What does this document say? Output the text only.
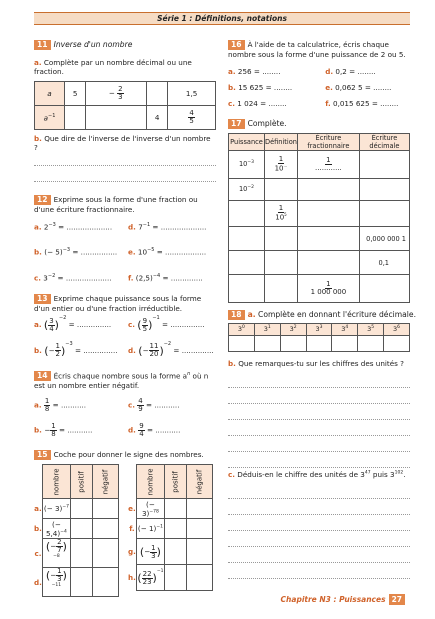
Série 1 : Définitions, notations
11 Inverse d'un nombre
a. Complète par un nombre décimal ou une fraction.
a	5	− $\frac{2}{3}$		1,5
$a^{-1}$			4	$\frac{4}{5}$
b. Que dire de l'inverse de l'inverse d'un nombre ?
12 Exprime sous la forme d'une fraction ou d'une écriture fractionnaire.
a. $2^{-3}$ = ....................	d. $7^{-1}$ = ....................
b. (− 5)$^{-3}$ = ................	e. $10^{-5}$ = ..................
c. $3^{-2}$ = ....................	f. $(2,5)^{-4}$ = ..............
13 Exprime chaque puissance sous la forme d'un entier ou d'une fraction irréductible.
a. ( $\frac{3}{4} )^{-2}$ = ...............	c. ( $\frac{9}{5} )^{-1}$ = ...............
b. (− $\frac{1}{2} )^{-3}$ = ...............	d. (− $\frac{11}{20} )^{-2}$ = ..............
14 Écris chaque nombre sous la forme $a^n$ où n est un nombre entier négatif.
a. $\frac{1}{8}$ = ...........	c. $\frac{4}{9}$ = ...........
b. − $\frac{1}{8}$ = ...........	d. $\frac{9}{4}$ = ...........
15 Coche pour donner le signe des nombres.
	nombre	positif	négatif
a.	(− 3)$^{-7}$		
b.	(− 5,4)$^{-4}$		
c.	(− $\frac{2}{7} )^{-8}$		
d.	(− $\frac{1}{3} )^{-11}$		
	nombre	positif	négatif
e.	(− 3)$^{-78}$		
f.	(− 1)$^{-1}$		
g.	(− $\frac{1}{3}$ )		
h.	( $\frac{22}{23} )^{-1}$		
16 À l'aide de ta calculatrice, écris chaque nombre sous la forme d'une puissance de 2 ou 5.
a. 256 = ........	d. 0,2 = ........
b. 15 625 = ........	e. 0,062 5 = ........
c. 1 024 = ........	f. 0,015 625 = ........
17 Complète.
Puissance	Définition	Écriture fractionnaire	Écriture décimale
$10^{-3}$	$\frac{1}{10^{...}}$	$\frac{1}{............}$

$10^{-2}$			

	$\frac{1}{10^5}$

			0,000 000 1
			0,1

		$\frac{1}{1 000 000}$

18 a. Complète en donnant l'écriture décimale.
$3^0$	$3^1$	$3^2$	$3^3$	$3^4$	$3^5$	$3^6$

b. Que remarques-tu sur les chiffres des unités ?
c. Déduis-en le chiffre des unités de $3^{47}$ puis $3^{102}$.
Chapitre N3 : Puissances 27
